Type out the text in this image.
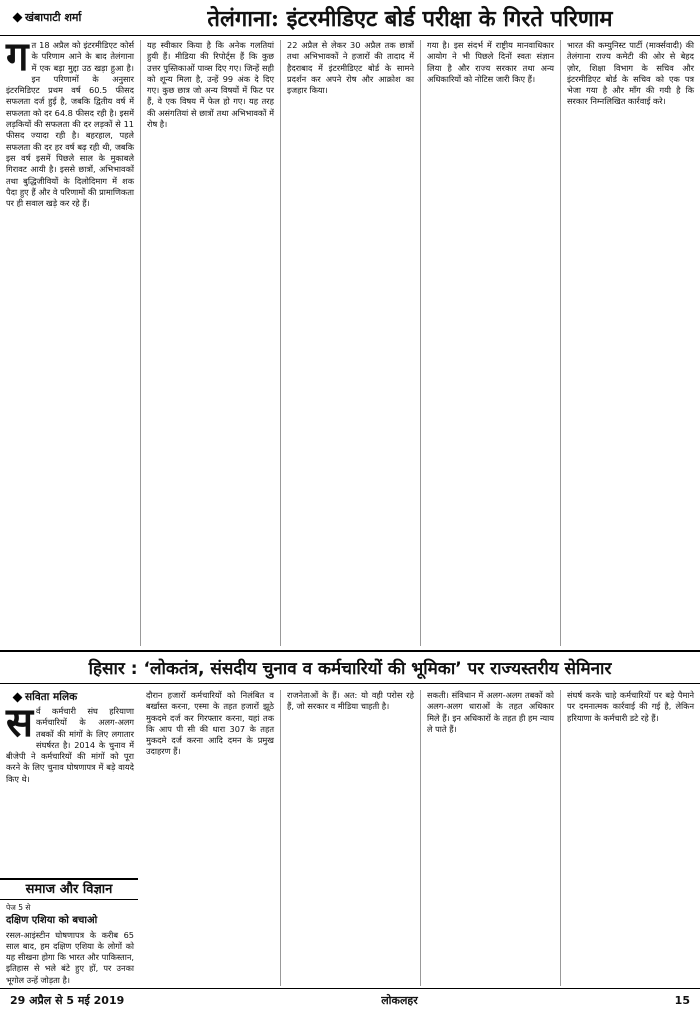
खंबापाटी शर्मा	तेलंगाना: इंटरमीडिएट बोर्ड परीक्षा के गिरते परिणाम

गत 18 अप्रैल को इंटरमीडिएट कोर्स के परिणाम आने के बाद तेलंगाना में एक बड़ा मुद्दा उठ खड़ा हुआ है। इन परिणामों के अनुसार इंटरमिडिएट प्रथम वर्ष 60.5 फीसद सफलता दर्ज हुई है, जबकि द्वितीय वर्ष में सफलता को दर 64.8 फीसद रही है। इसमें लड़कियों की सफलता की दर लड़कों से 11 फीसद ज्यादा रही है। बहरहाल, पहले सफलता की दर हर वर्ष बढ़ रही थी, जबकि इस वर्ष इसमें पिछले साल के मुकाबले गिरावट आयी है। इससे छात्रों, अभिभावकों तथा बुद्धिजीवियों के दिलोदिमाग में शक पैदा हुए हैं और वे परिणामों की प्रामाणिकता पर ही सवाल खड़े कर रहे हैं।

यह स्वीकार किया है कि अनेक गलतियां हुयी हैं। मीडिया की रिपोर्ट्स हैं कि कुछ उत्तर पुस्तिकाओं पाव्स दिए गए। जिन्हें सही को शून्य मिला है, उन्हें 99 अंक दे दिए गए। कुछ छात्र जो अन्य विषयों में फिट पर हैं, वे एक विषय में फेल हो गए। यह तरह की असंगतियां से छात्रों तथा अभिभावकों में रोष है।

22 अप्रैल से लेकर 30 अप्रैल तक छात्रों तथा अभिभावकों ने हजारों की तादाद में हैदराबाद में इंटरमीडिएट बोर्ड के सामने प्रदर्शन कर अपने रोष और आक्रोश का इजहार किया।

गया है। इस संदर्भ में राष्ट्रीय मानवाधिकार आयोग ने भी पिछले दिनों स्वतः संज्ञान लिया है और राज्य सरकार तथा अन्य अधिकारियों को नोटिस जारी किए हैं।

भारत की कम्युनिस्ट पार्टी (मार्क्सवादी) की तेलंगाना राज्य कमेटी की ओर से बेहद ज़ोर, शिक्षा विभाग के सचिव और इंटरमीडिएट बोर्ड के सचिव को एक पत्र भेजा गया है और माँग की गयी है कि सरकार निम्नलिखित कार्रवाई करे।

हिसार : ‘लोकतंत्र, संसदीय चुनाव व कर्मचारियों की भूमिका’ पर राज्यस्तरीय सेमिनार
सविता मलिक

सर्व कर्मचारी संघ हरियाणा कर्मचारियों के अलग-अलग तबकों की मांगों के लिए लगातार संघर्षरत है। 2014 के चुनाव में बीजेपी ने कर्मचारियों की मांगों को पूरा करने के लिए चुनाव घोषणापत्र में बड़े वायदे किए थे।

दौरान हजारों कर्मचारियों को निलंबित व बर्खास्त करना, एस्मा के तहत हजारों झूठे मुकदमे दर्ज कर गिरफ्तार करना, यहां तक कि आप पी सी की धारा 307 के तहत मुकदमे दर्ज करना आदि दमन के प्रमुख उदाहरण हैं।

राजनेताओं के हैं। अत: यो वही परोस रहे हैं, जो सरकार व मीडिया चाहती है।

सकती। संविधान में अलग-अलग तबकों को अलग-अलग धाराओं के तहत अधिकार मिले हैं। इन अधिकारों के तहत ही हम न्याय ले पाते हैं।

संघर्ष करके चाहे कर्मचारियों पर बड़े पैमाने पर दमनात्मक कार्रवाई की गई है, लेकिन हरियाणा के कर्मचारी डटे रहे हैं।

समाज और विज्ञान
पेज 5 से
दक्षिण एशिया को बचाओ

रसल-आइंस्टीन घोषणापत्र के करीब 65 साल बाद, हम दक्षिण एशिया के लोगों को यह सीखना होगा कि भारत और पाकिस्तान, इतिहास से भले बंटे हुए हों, पर उनका भूगोल उन्हें जोड़ता है।

29 अप्रैल से 5 मई 2019	लोकलहर	15
